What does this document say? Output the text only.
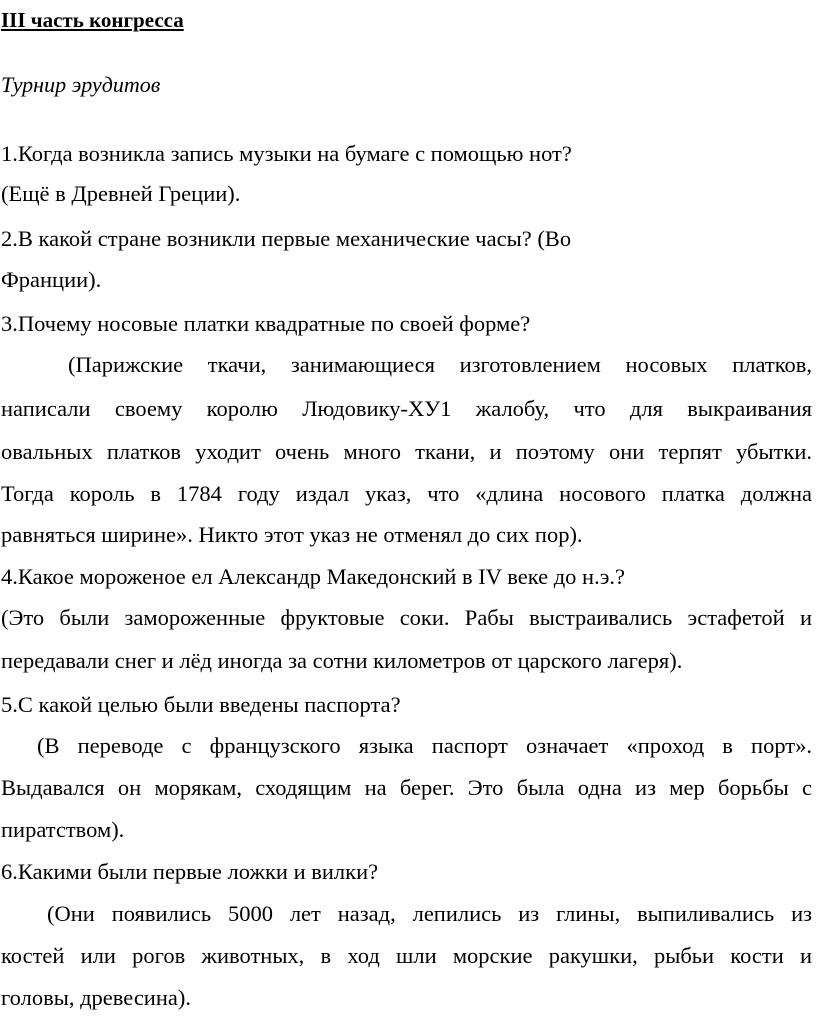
III часть конгресса
Турнир эрудитов
1.Когда возникла запись музыки на бумаге с помощью нот?
(Ещё в Древней Греции).
2.В какой стране возникли первые механические часы? (Во
Франции).
3.Почему носовые платки квадратные по своей форме?
(Парижские ткачи, занимающиеся изготовлением носовых платков,
написали своему королю Людовику-ХУ1 жалобу, что для выкраивания
овальных платков уходит очень много ткани, и поэтому они терпят убытки.
Тогда король в 1784 году издал указ, что «длина носового платка должна
равняться ширине». Никто этот указ не отменял до сих пор).
4.Какое мороженое ел Александр Македонский в IV веке до н.э.?
(Это были замороженные фруктовые соки. Рабы выстраивались эстафетой и
передавали снег и лёд иногда за сотни километров от царского лагеря).
5.С какой целью были введены паспорта?
(В переводе с французского языка паспорт означает «проход в порт».
Выдавался он морякам, сходящим на берег. Это была одна из мер борьбы с
пиратством).
6.Какими были первые ложки и вилки?
(Они появились 5000 лет назад, лепились из глины, выпиливались из
костей или рогов животных, в ход шли морские ракушки, рыбьи кости и
головы, древесина).
